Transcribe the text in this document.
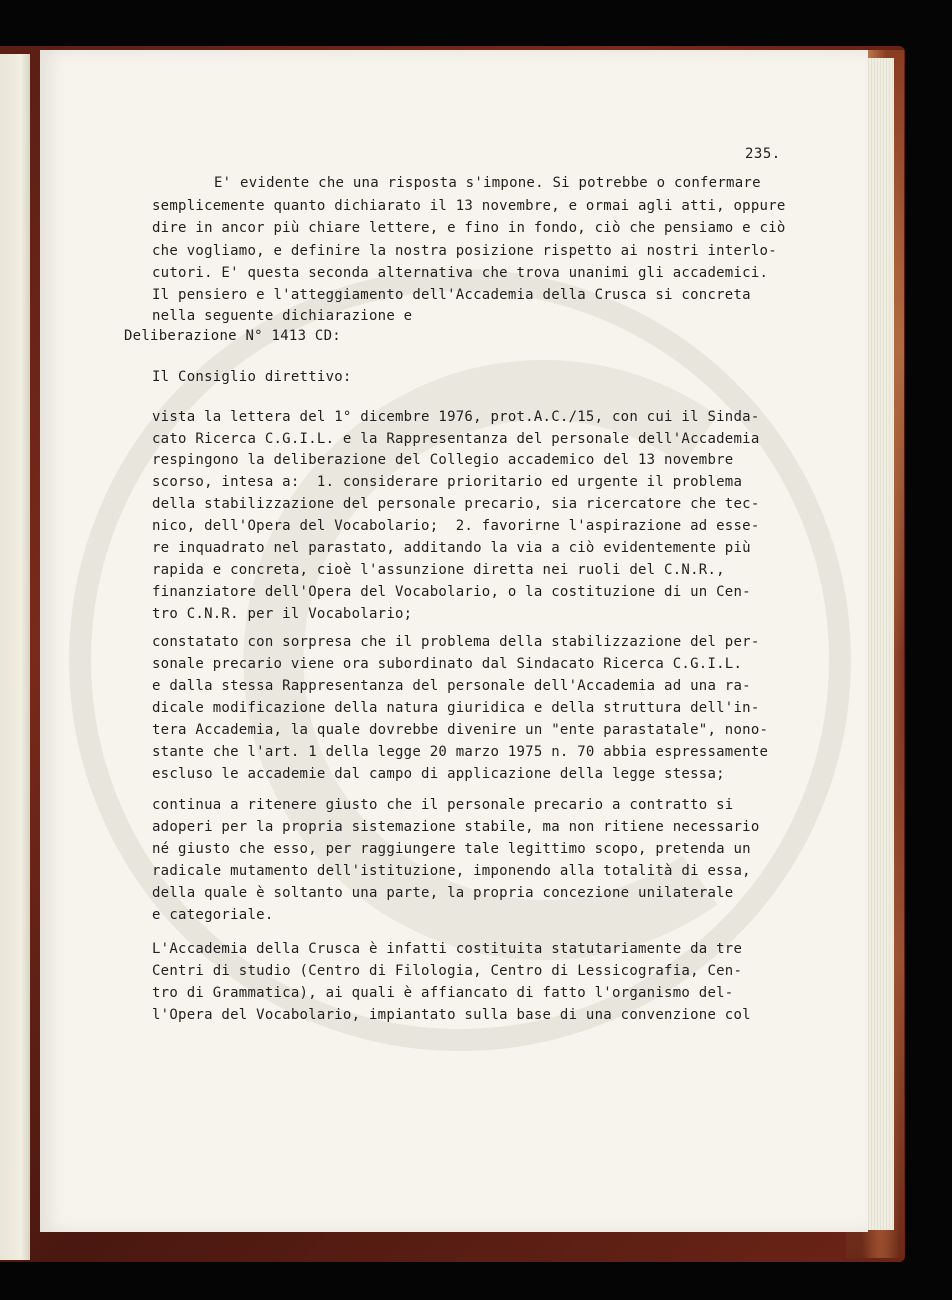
235.
E' evidente che una risposta s'impone. Si potrebbe o confermare
semplicemente quanto dichiarato il 13 novembre, e ormai agli atti, oppure
dire in ancor più chiare lettere, e fino in fondo, ciò che pensiamo e ciò
che vogliamo, e definire la nostra posizione rispetto ai nostri interlo-
cutori. E' questa seconda alternativa che trova unanimi gli accademici.
Il pensiero e l'atteggiamento dell'Accademia della Crusca si concreta
nella seguente dichiarazione e
Deliberazione N° 1413 CD:
Il Consiglio direttivo:
vista la lettera del 1° dicembre 1976, prot.A.C./15, con cui il Sinda-
cato Ricerca C.G.I.L. e la Rappresentanza del personale dell'Accademia
respingono la deliberazione del Collegio accademico del 13 novembre
scorso, intesa a:  1. considerare prioritario ed urgente il problema
della stabilizzazione del personale precario, sia ricercatore che tec-
nico, dell'Opera del Vocabolario;  2. favorirne l'aspirazione ad esse-
re inquadrato nel parastato, additando la via a ciò evidentemente più
rapida e concreta, cioè l'assunzione diretta nei ruoli del C.N.R.,
finanziatore dell'Opera del Vocabolario, o la costituzione di un Cen-
tro C.N.R. per il Vocabolario;
constatato con sorpresa che il problema della stabilizzazione del per-
sonale precario viene ora subordinato dal Sindacato Ricerca C.G.I.L.
e dalla stessa Rappresentanza del personale dell'Accademia ad una ra-
dicale modificazione della natura giuridica e della struttura dell'in-
tera Accademia, la quale dovrebbe divenire un "ente parastatale", nono-
stante che l'art. 1 della legge 20 marzo 1975 n. 70 abbia espressamente
escluso le accademie dal campo di applicazione della legge stessa;
continua a ritenere giusto che il personale precario a contratto si
adoperi per la propria sistemazione stabile, ma non ritiene necessario
né giusto che esso, per raggiungere tale legittimo scopo, pretenda un
radicale mutamento dell'istituzione, imponendo alla totalità di essa,
della quale è soltanto una parte, la propria concezione unilaterale
e categoriale.
L'Accademia della Crusca è infatti costituita statutariamente da tre
Centri di studio (Centro di Filologia, Centro di Lessicografia, Cen-
tro di Grammatica), ai quali è affiancato di fatto l'organismo del-
l'Opera del Vocabolario, impiantato sulla base di una convenzione col
